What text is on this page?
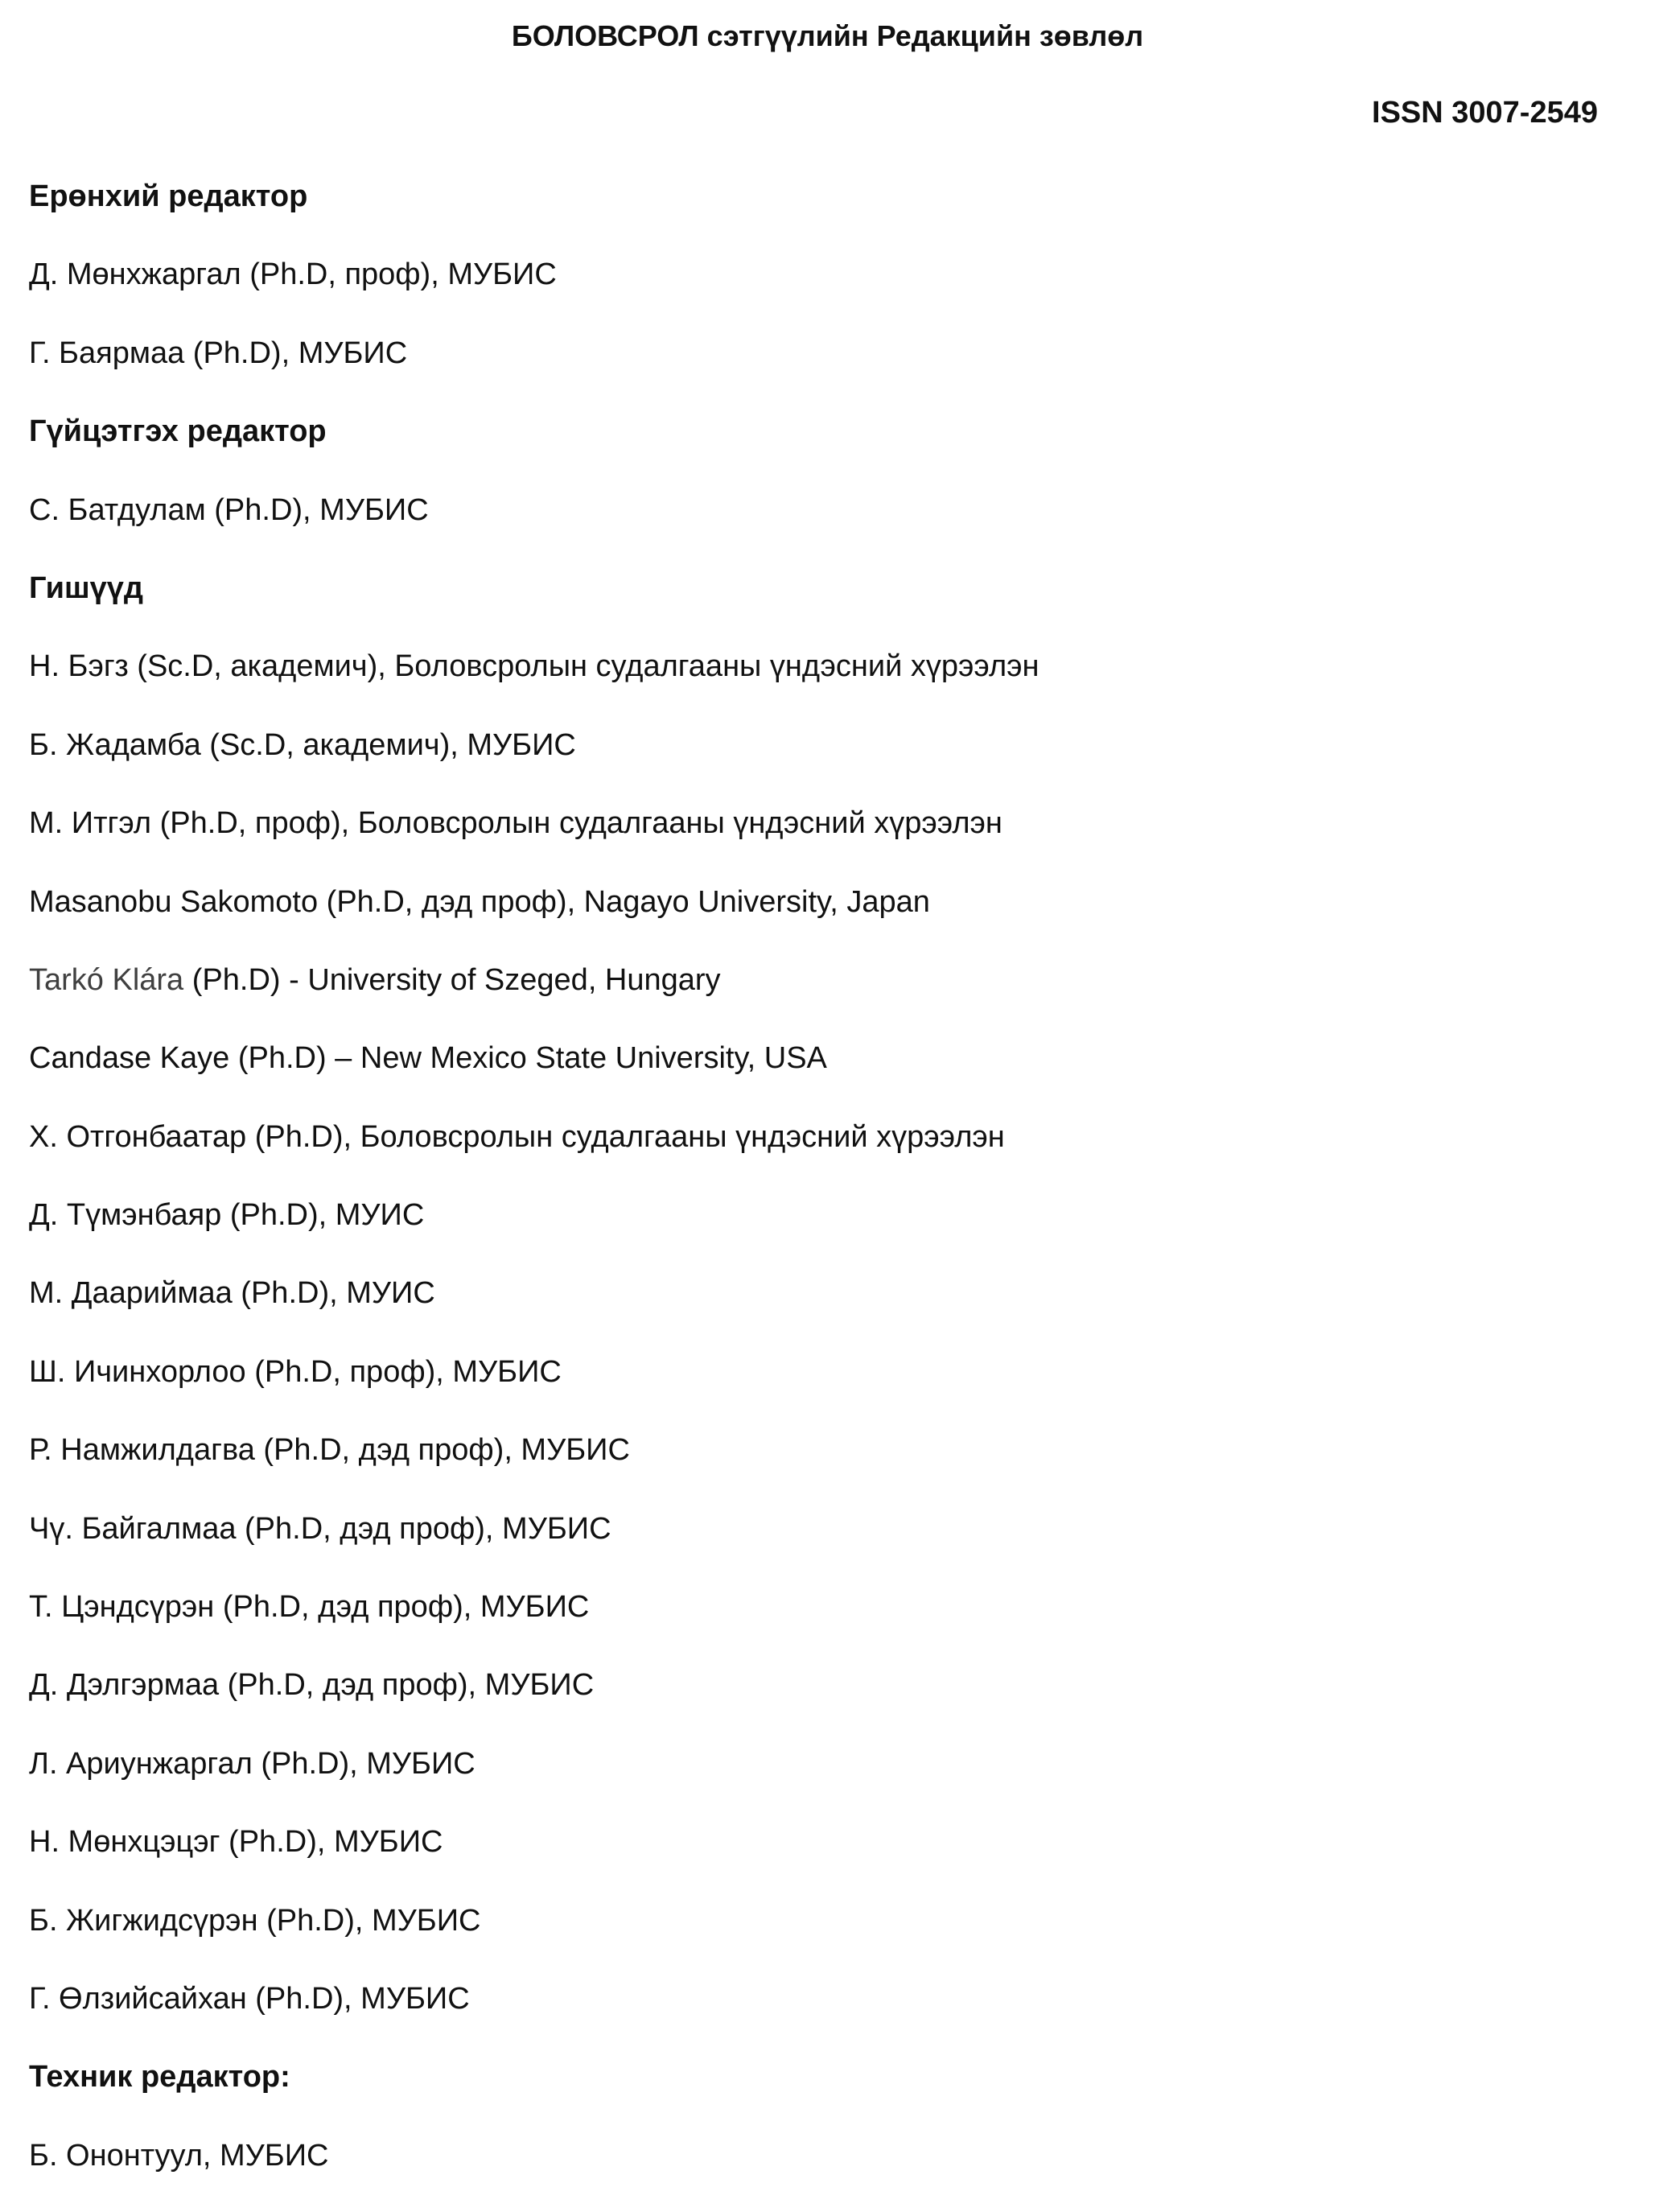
БОЛОВСРОЛ сэтгүүлийн Редакцийн зөвлөл
ISSN 3007-2549
Ерөнхий редактор
Д. Мөнхжаргал (Ph.D, проф), МУБИС
Г. Баярмаа (Ph.D), МУБИС
Гүйцэтгэх редактор
С. Батдулам (Ph.D), МУБИС
Гишүүд
Н. Бэгз (Sc.D, академич), Боловсролын судалгааны үндэсний хүрээлэн
Б. Жадамба (Sc.D, академич), МУБИС
М. Итгэл (Ph.D, проф), Боловсролын судалгааны үндэсний хүрээлэн
Masanobu Sakomoto (Ph.D, дэд проф), Nagayo University, Japan
Tarkó Klára (Ph.D) - University of Szeged, Hungary
Candase Kaye (Ph.D) – New Mexico State University, USA
Х. Отгонбаатар (Ph.D), Боловсролын судалгааны үндэсний хүрээлэн
Д. Түмэнбаяр (Ph.D), МУИС
М. Даариймаа (Ph.D), МУИС
Ш. Ичинхорлоо (Ph.D, проф), МУБИС
Р. Намжилдагва (Ph.D, дэд проф), МУБИС
Чү. Байгалмаа (Ph.D, дэд проф), МУБИС
Т. Цэндсүрэн (Ph.D, дэд проф), МУБИС
Д. Дэлгэрмаа (Ph.D, дэд проф), МУБИС
Л. Ариунжаргал (Ph.D), МУБИС
Н. Мөнхцэцэг (Ph.D), МУБИС
Б. Жигжидсүрэн (Ph.D), МУБИС
Г. Өлзийсайхан (Ph.D), МУБИС
Техник редактор:
Б. Ононтуул, МУБИС
